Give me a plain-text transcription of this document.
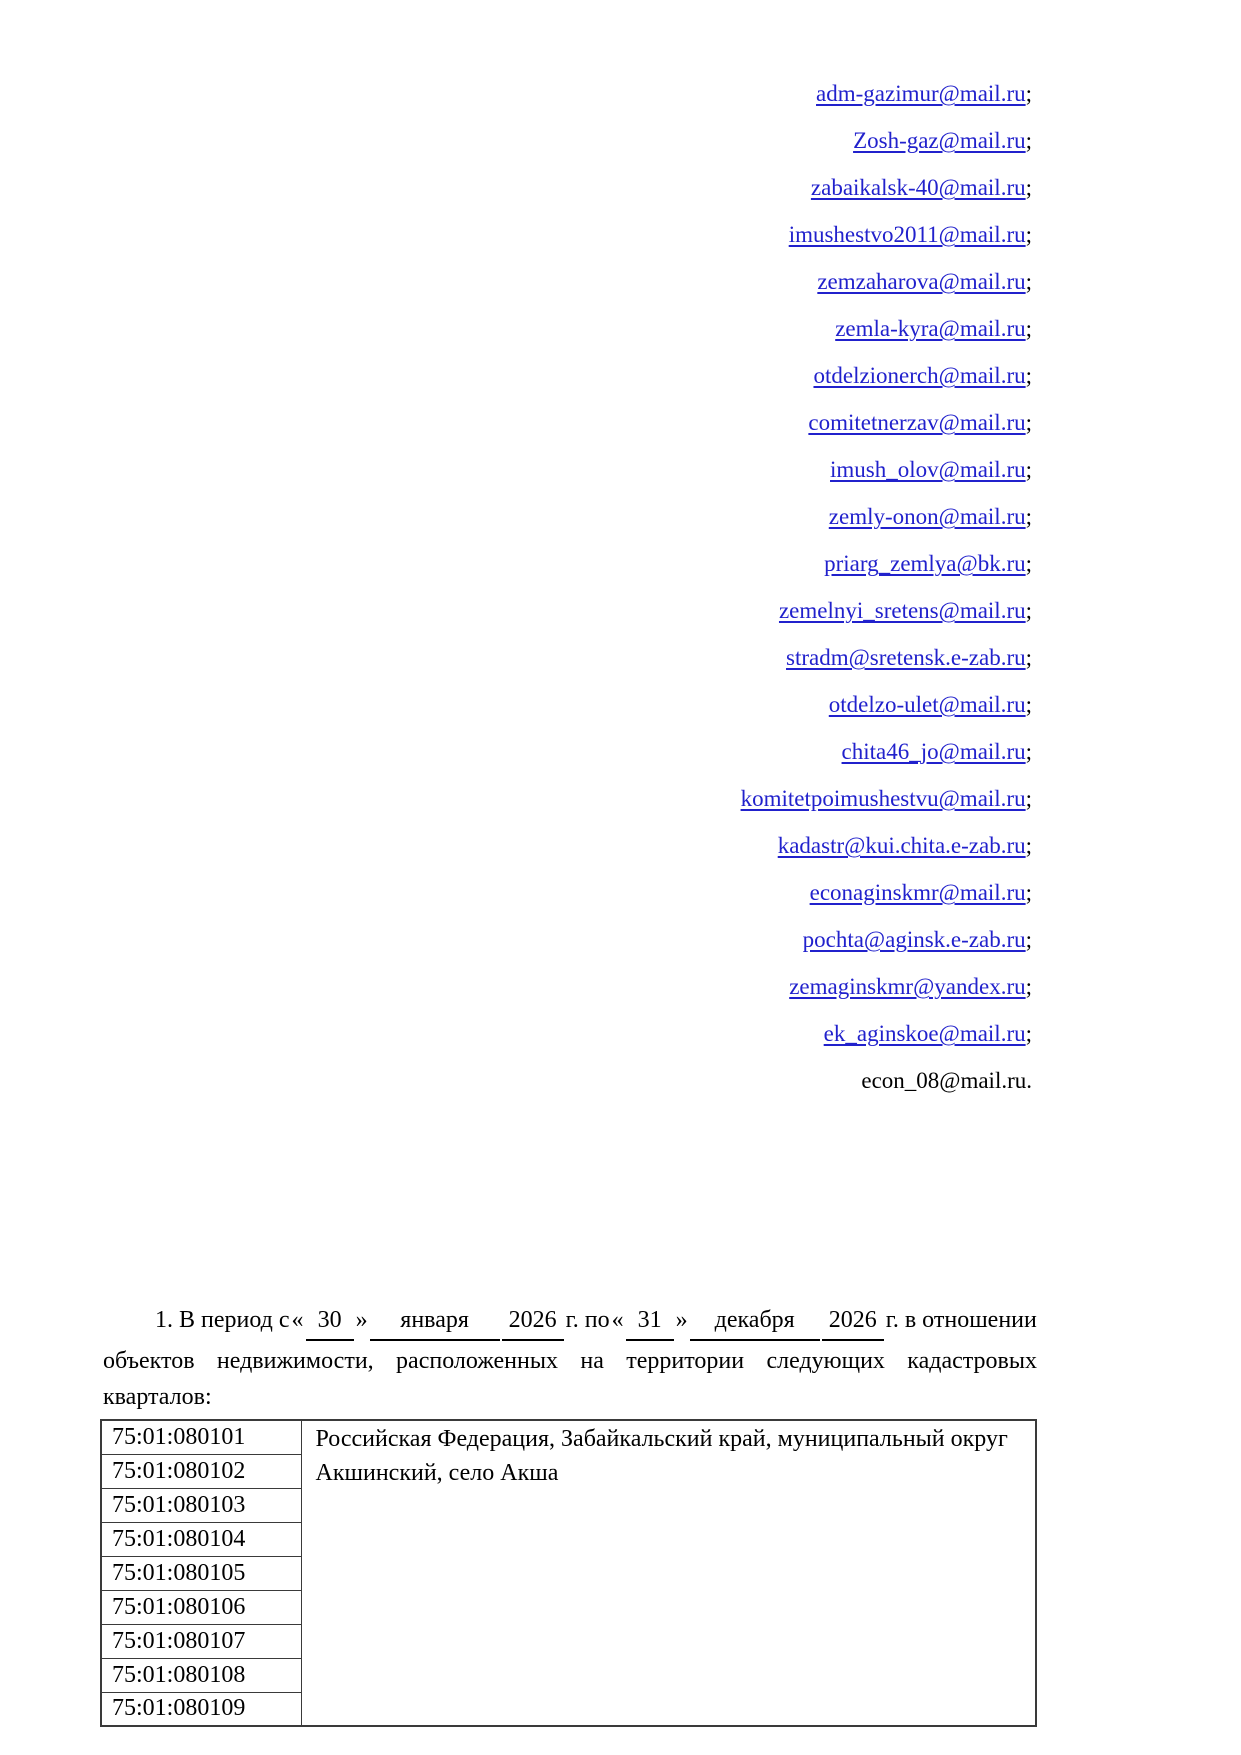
adm-gazimur@mail.ru;
Zosh-gaz@mail.ru;
zabaikalsk-40@mail.ru;
imushestvo2011@mail.ru;
zemzaharova@mail.ru;
zemla-kyra@mail.ru;
otdelzionerch@mail.ru;
comitetnerzav@mail.ru;
imush_olov@mail.ru;
zemly-onon@mail.ru;
priarg_zemlya@bk.ru;
zemelnyi_sretens@mail.ru;
stradm@sretensk.e-zab.ru;
otdelzo-ulet@mail.ru;
chita46_jo@mail.ru;
komitetpoimushestvu@mail.ru;
kadastr@kui.chita.e-zab.ru;
econaginskmr@mail.ru;
pochta@aginsk.e-zab.ru;
zemaginskmr@yandex.ru;
ek_aginskoe@mail.ru;
econ_08@mail.ru.
1. В период с « 30 »	января	2026 г. по « 31 »	декабря	2026 г. в отношении
объектов недвижимости, расположенных на территории следующих кадастровых кварталов:
75:01:080101	Российская Федерация, Забайкальский край, муниципальный округ Акшинский, село Акша
75:01:080102
75:01:080103
75:01:080104
75:01:080105
75:01:080106
75:01:080107
75:01:080108
75:01:080109
